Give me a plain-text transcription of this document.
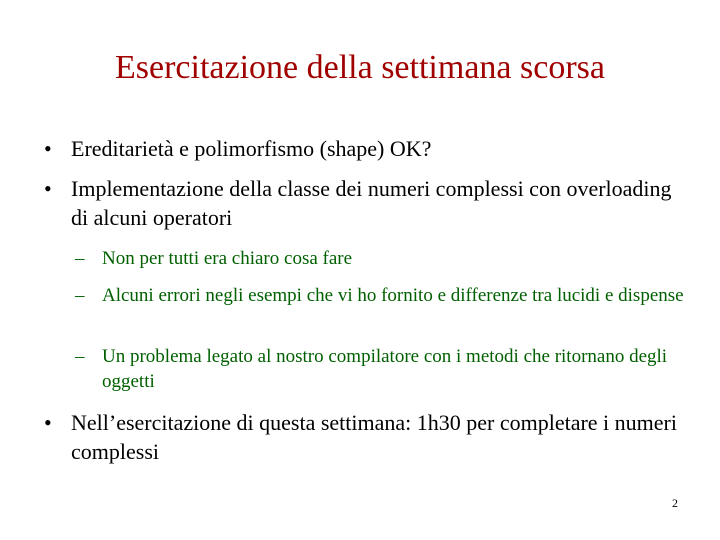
Esercitazione della settimana scorsa
• Ereditarietà e polimorfismo (shape) OK?
• Implementazione della classe dei numeri complessi con overloading di alcuni operatori
– Non per tutti era chiaro cosa fare
– Alcuni errori negli esempi che vi ho fornito e differenze tra lucidi e dispense
– Un problema legato al nostro compilatore con i metodi che ritornano degli oggetti
• Nell’esercitazione di questa settimana: 1h30 per completare i numeri complessi
2
